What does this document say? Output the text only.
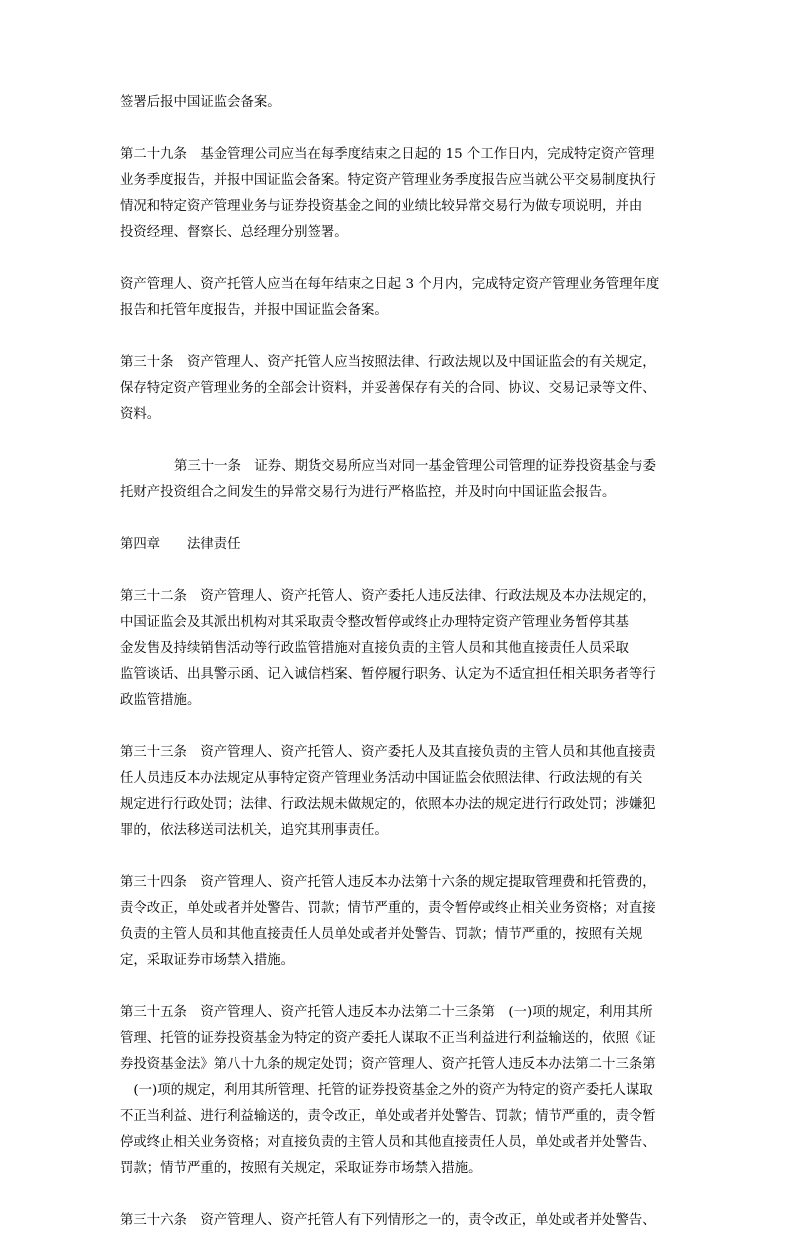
签署后报中国证监会备案。

第二十九条　基金管理公司应当在每季度结束之日起的 15 个工作日内，完成特定资产管理
业务季度报告，并报中国证监会备案。特定资产管理业务季度报告应当就公平交易制度执行
情况和特定资产管理业务与证券投资基金之间的业绩比较异常交易行为做专项说明，并由
投资经理、督察长、总经理分别签署。

资产管理人、资产托管人应当在每年结束之日起 3 个月内，完成特定资产管理业务管理年度
报告和托管年度报告，并报中国证监会备案。

第三十条　资产管理人、资产托管人应当按照法律、行政法规以及中国证监会的有关规定，
保存特定资产管理业务的全部会计资料，并妥善保存有关的合同、协议、交易记录等文件、
资料。

第三十一条　证券、期货交易所应当对同一基金管理公司管理的证券投资基金与委
托财产投资组合之间发生的异常交易行为进行严格监控，并及时向中国证监会报告。

第四章　　法律责任

第三十二条　资产管理人、资产托管人、资产委托人违反法律、行政法规及本办法规定的，
中国证监会及其派出机构对其采取责令整改暂停或终止办理特定资产管理业务暂停其基
金发售及持续销售活动等行政监管措施对直接负责的主管人员和其他直接责任人员采取
监管谈话、出具警示函、记入诚信档案、暂停履行职务、认定为不适宜担任相关职务者等行
政监管措施。

第三十三条　资产管理人、资产托管人、资产委托人及其直接负责的主管人员和其他直接责
任人员违反本办法规定从事特定资产管理业务活动中国证监会依照法律、行政法规的有关
规定进行行政处罚；法律、行政法规未做规定的，依照本办法的规定进行行政处罚；涉嫌犯
罪的，依法移送司法机关，追究其刑事责任。

第三十四条　资产管理人、资产托管人违反本办法第十六条的规定提取管理费和托管费的，
责令改正，单处或者并处警告、罚款；情节严重的，责令暂停或终止相关业务资格；对直接
负责的主管人员和其他直接责任人员单处或者并处警告、罚款；情节严重的，按照有关规
定，采取证券市场禁入措施。

第三十五条　资产管理人、资产托管人违反本办法第二十三条第　(一)项的规定，利用其所
管理、托管的证券投资基金为特定的资产委托人谋取不正当利益进行利益输送的，依照《证
券投资基金法》第八十九条的规定处罚；资产管理人、资产托管人违反本办法第二十三条第
　(一)项的规定，利用其所管理、托管的证券投资基金之外的资产为特定的资产委托人谋取
不正当利益、进行利益输送的，责令改正，单处或者并处警告、罚款；情节严重的，责令暂
停或终止相关业务资格；对直接负责的主管人员和其他直接责任人员，单处或者并处警告、
罚款；情节严重的，按照有关规定，采取证券市场禁入措施。

第三十六条　资产管理人、资产托管人有下列情形之一的，责令改正，单处或者并处警告、
